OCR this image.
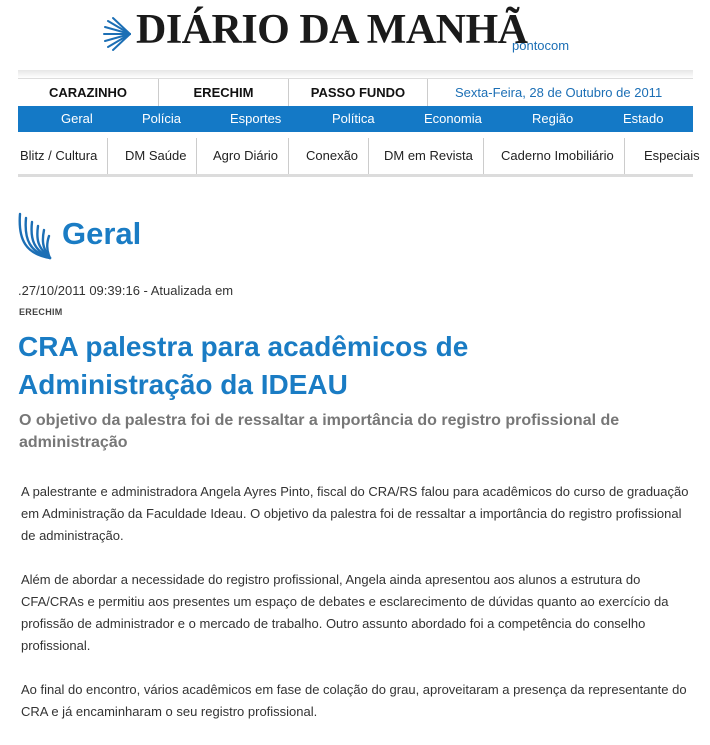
DIÁRIO DA MANHÃ
pontocom
CARAZINHO	ERECHIM	PASSO FUNDO	Sexta-Feira, 28 de Outubro de 2011
Geral	Polícia	Esportes	Política	Economia	Região	Estado
Blitz / Cultura	DM Saúde	Agro Diário	Conexão	DM em Revista	Caderno Imobiliário	Especiais
Geral
.27/10/2011 09:39:16 - Atualizada em
ERECHIM
CRA palestra para acadêmicos de Administração da IDEAU
O objetivo da palestra foi de ressaltar a importância do registro profissional de administração

A palestrante e administradora Angela Ayres Pinto, fiscal do CRA/RS falou para acadêmicos do curso de graduação em Administração da Faculdade Ideau. O objetivo da palestra foi de ressaltar a importância do registro profissional de administração.

Além de abordar a necessidade do registro profissional, Angela ainda apresentou aos alunos a estrutura do CFA/CRAs e permitiu aos presentes um espaço de debates e esclarecimento de dúvidas quanto ao exercício da profissão de administrador e o mercado de trabalho. Outro assunto abordado foi a competência do conselho profissional.

Ao final do encontro, vários acadêmicos em fase de colação do grau, aproveitaram a presença da representante do CRA e já encaminharam o seu registro profissional.
